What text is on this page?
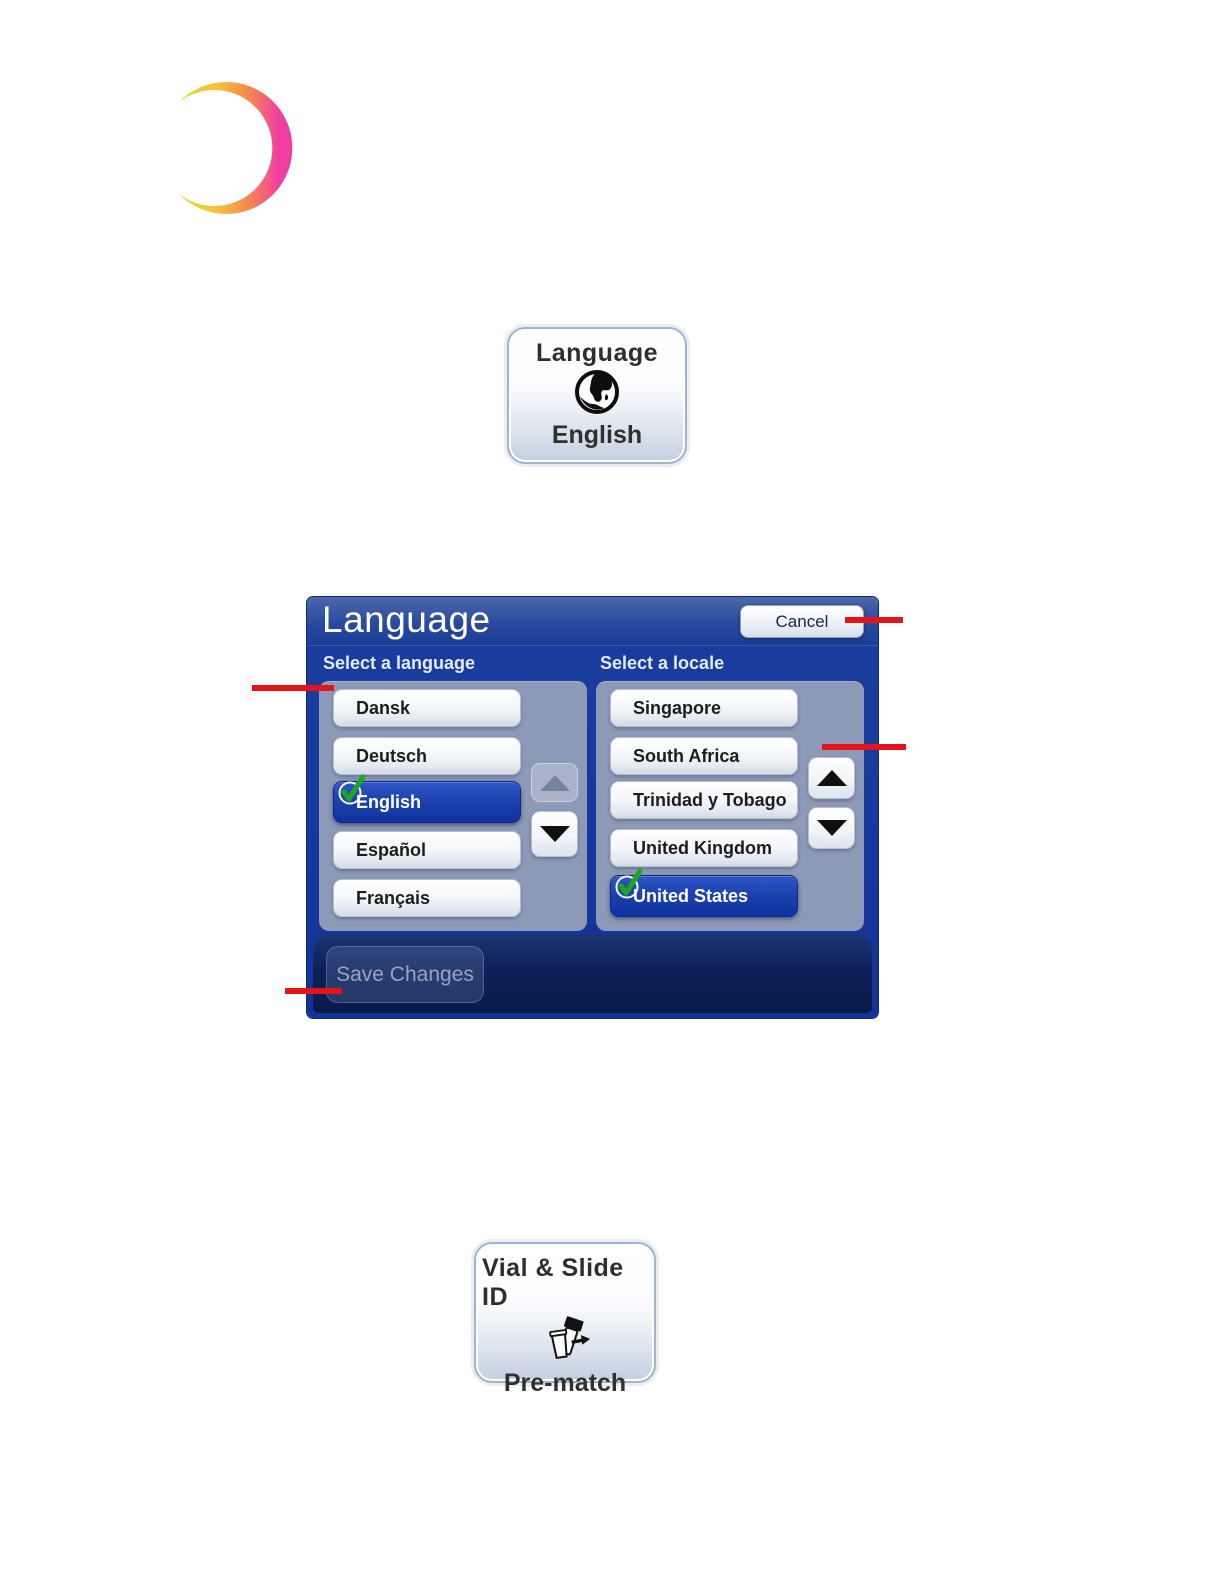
Language
English
Language	Cancel
Select a language	Select a locale
Dansk
Deutsch
English
Español
Français
Singapore
South Africa
Trinidad y Tobago
United Kingdom
United States
Save Changes
Vial & Slide ID
Pre-match
